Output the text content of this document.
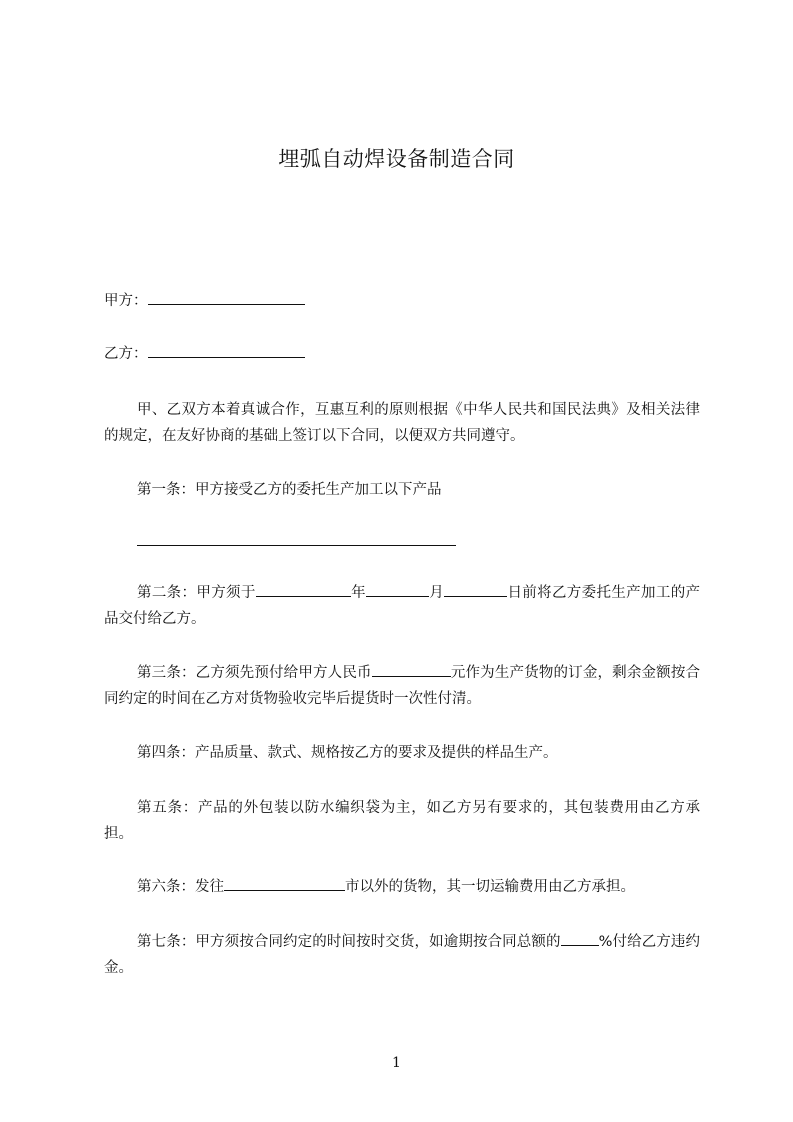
埋弧自动焊设备制造合同

甲方：

乙方：

甲、乙双方本着真诚合作，互惠互利的原则根据《中华人民共和国民法典》及相关法律的规定，在友好协商的基础上签订以下合同，以便双方共同遵守。

第一条：甲方接受乙方的委托生产加工以下产品

第二条：甲方须于	年	月	日前将乙方委托生产加工的产品交付给乙方。

第三条：乙方须先预付给甲方人民币	元作为生产货物的订金，剩余金额按合同约定的时间在乙方对货物验收完毕后提货时一次性付清。

第四条：产品质量、款式、规格按乙方的要求及提供的样品生产。

第五条：产品的外包装以防水编织袋为主，如乙方另有要求的，其包装费用由乙方承担。

第六条：发往	市以外的货物，其一切运输费用由乙方承担。

第七条：甲方须按合同约定的时间按时交货，如逾期按合同总额的	%付给乙方违约金。

1
